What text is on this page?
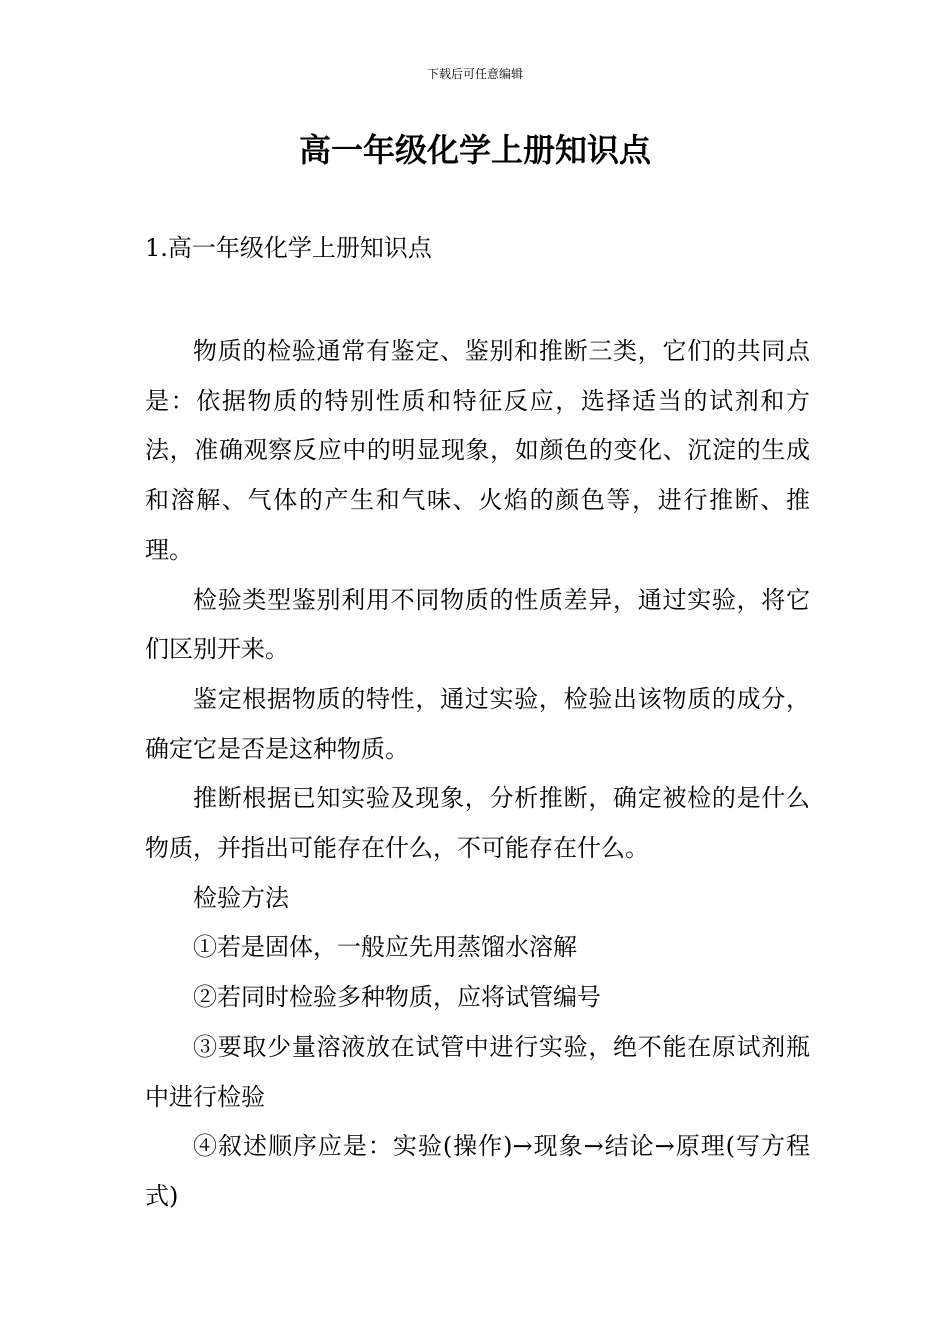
下载后可任意编辑
高一年级化学上册知识点
1.高一年级化学上册知识点

物质的检验通常有鉴定、鉴别和推断三类，它们的共同点是：依据物质的特别性质和特征反应，选择适当的试剂和方法，准确观察反应中的明显现象，如颜色的变化、沉淀的生成和溶解、气体的产生和气味、火焰的颜色等，进行推断、推理。

检验类型鉴别利用不同物质的性质差异，通过实验，将它们区别开来。

鉴定根据物质的特性，通过实验，检验出该物质的成分，确定它是否是这种物质。

推断根据已知实验及现象，分析推断，确定被检的是什么物质，并指出可能存在什么，不可能存在什么。

检验方法

①若是固体，一般应先用蒸馏水溶解

②若同时检验多种物质，应将试管编号

③要取少量溶液放在试管中进行实验，绝不能在原试剂瓶中进行检验

④叙述顺序应是：实验(操作)→现象→结论→原理(写方程式)
